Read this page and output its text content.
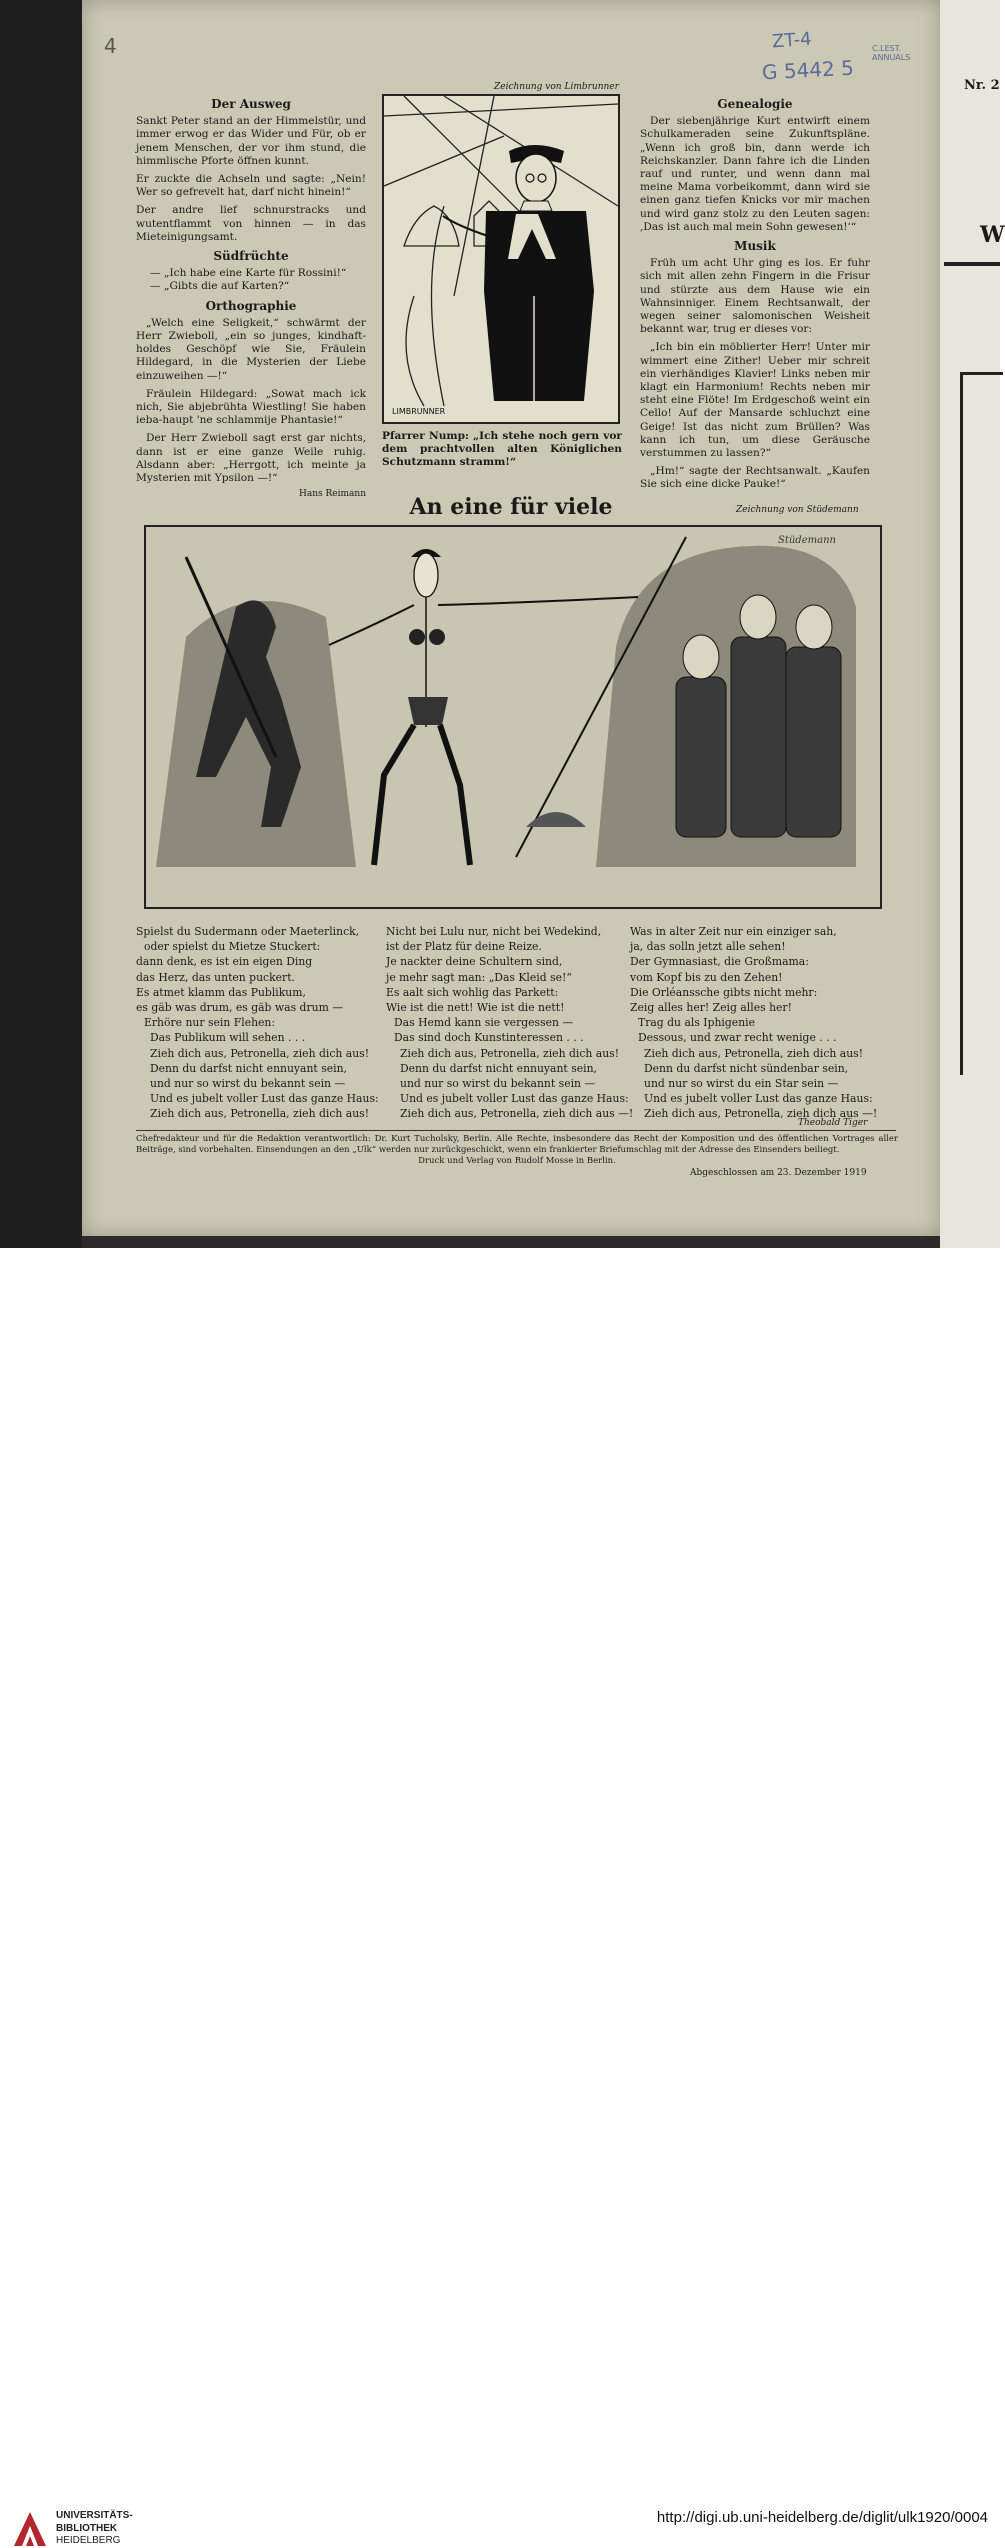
4	ZT-4
G 5442 5
C.LEST. ANNUALS
Der Ausweg

Sankt Peter stand an der Himmelstür, und immer erwog er das Wider und Für, ob er jenem Menschen, der vor ihm stund, die himmlische Pforte öffnen kunnt.

Er zuckte die Achseln und sagte: „Nein! Wer so gefrevelt hat, darf nicht hinein!“

Der andre lief schnurstracks und wutentflammt von hinnen — in das Mieteinigungsamt.

Südfrüchte

— „Ich habe eine Karte für Rossini!“

— „Gibts die auf Karten?“

Orthographie

„Welch eine Seligkeit,“ schwärmt der Herr Zwieboll, „ein so junges, kindhaft-holdes Geschöpf wie Sie, Fräulein Hildegard, in die Mysterien der Liebe einzuweihen —!“

Fräulein Hildegard: „Sowat mach ick nich, Sie abjebrühta Wiestling! Sie haben ieba-haupt 'ne schlammije Phantasie!“

Der Herr Zwieboll sagt erst gar nichts, dann ist er eine ganze Weile ruhig. Alsdann aber: „Herrgott, ich meinte ja Mysterien mit Ypsilon —!“

Hans Reimann
Zeichnung von Limbrunner
LIMBRUNNER
Pfarrer Nump: „Ich stehe noch gern vor dem prachtvollen alten Königlichen Schutzmann stramm!“
Genealogie

Der siebenjährige Kurt entwirft einem Schulkameraden seine Zukunftspläne. „Wenn ich groß bin, dann werde ich Reichskanzler. Dann fahre ich die Linden rauf und runter, und wenn dann mal meine Mama vorbeikommt, dann wird sie einen ganz tiefen Knicks vor mir machen und wird ganz stolz zu den Leuten sagen: ‚Das ist auch mal mein Sohn gewesen!‘“

Musik

Früh um acht Uhr ging es los. Er fuhr sich mit allen zehn Fingern in die Frisur und stürzte aus dem Hause wie ein Wahnsinniger. Einem Rechtsanwalt, der wegen seiner salomonischen Weisheit bekannt war, trug er dieses vor:

„Ich bin ein möblierter Herr! Unter mir wimmert eine Zither! Ueber mir schreit ein vierhändiges Klavier! Links neben mir klagt ein Harmonium! Rechts neben mir steht eine Flöte! Im Erdgeschoß weint ein Cello! Auf der Mansarde schluchzt eine Geige! Ist das nicht zum Brüllen? Was kann ich tun, um diese Geräusche verstummen zu lassen?“

„Hm!“ sagte der Rechtsanwalt. „Kaufen Sie sich eine dicke Pauke!“

An eine für viele	Zeichnung von Stüdemann
Stüdemann
Spielst du Sudermann oder Maeterlinck,
oder spielst du Mietze Stuckert:
dann denk, es ist ein eigen Ding
das Herz, das unten puckert.
Es atmet klamm das Publikum,
es gäb was drum, es gäb was drum —
Erhöre nur sein Flehen:
Das Publikum will sehen . . .
Zieh dich aus, Petronella, zieh dich aus!
Denn du darfst nicht ennuyant sein,
und nur so wirst du bekannt sein —
Und es jubelt voller Lust das ganze Haus:
Zieh dich aus, Petronella, zieh dich aus!
Nicht bei Lulu nur, nicht bei Wedekind,
ist der Platz für deine Reize.
Je nackter deine Schultern sind,
je mehr sagt man: „Das Kleid se!“
Es aalt sich wohlig das Parkett:
Wie ist die nett! Wie ist die nett!
Das Hemd kann sie vergessen —
Das sind doch Kunstinteressen . . .
Zieh dich aus, Petronella, zieh dich aus!
Denn du darfst nicht ennuyant sein,
und nur so wirst du bekannt sein —
Und es jubelt voller Lust das ganze Haus:
Zieh dich aus, Petronella, zieh dich aus —!
Was in alter Zeit nur ein einziger sah,
ja, das solln jetzt alle sehen!
Der Gymnasiast, die Großmama:
vom Kopf bis zu den Zehen!
Die Orléanssche gibts nicht mehr:
Zeig alles her! Zeig alles her!
Trag du als Iphigenie
Dessous, und zwar recht wenige . . .
Zieh dich aus, Petronella, zieh dich aus!
Denn du darfst nicht sündenbar sein,
und nur so wirst du ein Star sein —
Und es jubelt voller Lust das ganze Haus:
Zieh dich aus, Petronella, zieh dich aus —!
Theobald Tiger
Chefredakteur und für die Redaktion verantwortlich: Dr. Kurt Tucholsky, Berlin. Alle Rechte, insbesondere das Recht der Komposition und des öffentlichen Vortrages aller Beiträge, sind vorbehalten. Einsendungen an den „Ulk“ werden nur zurückgeschickt, wenn ein frankierter Briefumschlag mit der Adresse des Einsenders beiliegt.
Druck und Verlag von Rudolf Mosse in Berlin.
Abgeschlossen am 23. Dezember 1919
Nr. 2
W
UNIVERSITÄTS-
BIBLIOTHEK
HEIDELBERG
http://digi.ub.uni-heidelberg.de/diglit/ulk1920/0004
